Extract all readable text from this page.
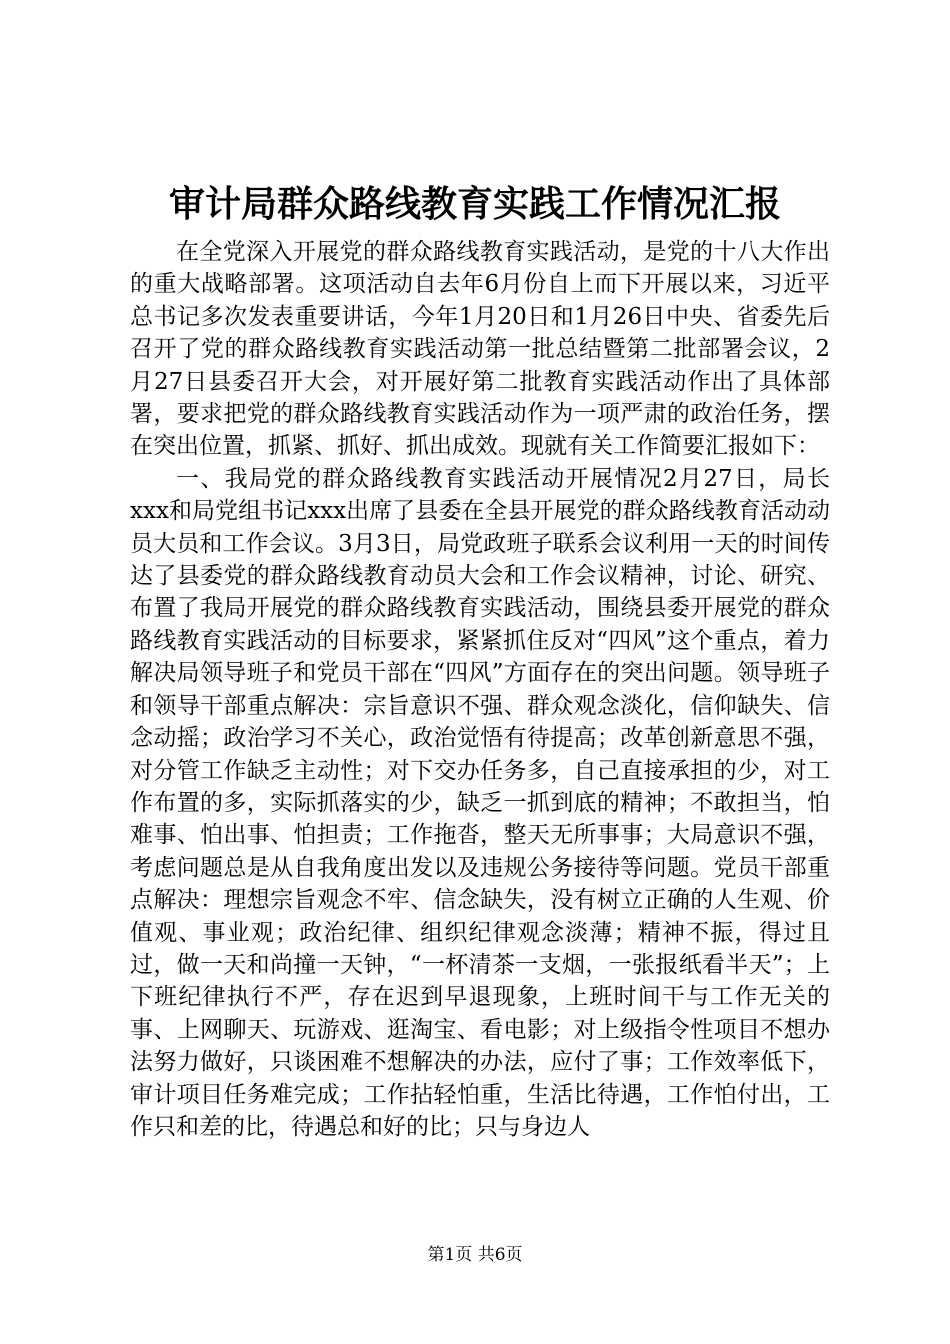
审计局群众路线教育实践工作情况汇报

在全党深入开展党的群众路线教育实践活动，是党的十八大作出的重大战略部署。这项活动自去年6月份自上而下开展以来，习近平总书记多次发表重要讲话，今年1月20日和1月26日中央、省委先后召开了党的群众路线教育实践活动第一批总结暨第二批部署会议，2月27日县委召开大会，对开展好第二批教育实践活动作出了具体部署，要求把党的群众路线教育实践活动作为一项严肃的政治任务，摆在突出位置，抓紧、抓好、抓出成效。现就有关工作简要汇报如下：

一、我局党的群众路线教育实践活动开展情况2月27日，局长xxx和局党组书记xxx出席了县委在全县开展党的群众路线教育活动动员大员和工作会议。3月3日，局党政班子联系会议利用一天的时间传达了县委党的群众路线教育动员大会和工作会议精神，讨论、研究、布置了我局开展党的群众路线教育实践活动，围绕县委开展党的群众路线教育实践活动的目标要求，紧紧抓住反对“四风”这个重点，着力解决局领导班子和党员干部在“四风”方面存在的突出问题。领导班子和领导干部重点解决：宗旨意识不强、群众观念淡化，信仰缺失、信念动摇；政治学习不关心，政治觉悟有待提高；改革创新意思不强，对分管工作缺乏主动性；对下交办任务多，自己直接承担的少，对工作布置的多，实际抓落实的少，缺乏一抓到底的精神；不敢担当，怕难事、怕出事、怕担责；工作拖沓，整天无所事事；大局意识不强，考虑问题总是从自我角度出发以及违规公务接待等问题。党员干部重点解决：理想宗旨观念不牢、信念缺失，没有树立正确的人生观、价值观、事业观；政治纪律、组织纪律观念淡薄；精神不振，得过且过，做一天和尚撞一天钟，“一杯清茶一支烟，一张报纸看半天”；上下班纪律执行不严，存在迟到早退现象，上班时间干与工作无关的事、上网聊天、玩游戏、逛淘宝、看电影；对上级指令性项目不想办法努力做好，只谈困难不想解决的办法，应付了事；工作效率低下，审计项目任务难完成；工作拈轻怕重，生活比待遇，工作怕付出，工作只和差的比，待遇总和好的比；只与身边人

第1页 共6页
